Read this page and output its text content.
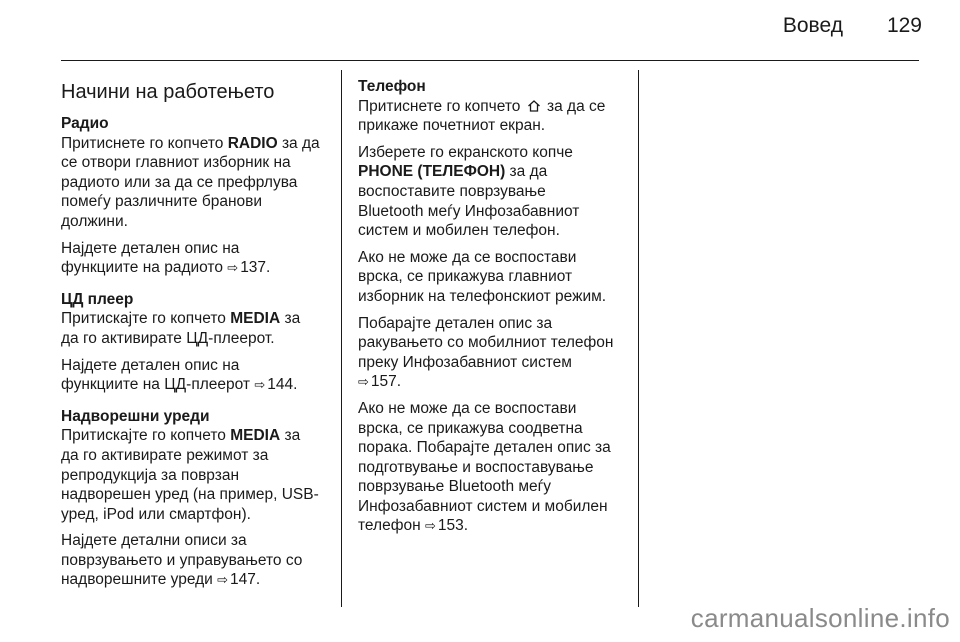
Вовед 129
Начини на работењето
Радио

Притиснете го копчето RADIO за да
се отвори главниот изборник на
радиото или за да се префрлува
помеѓу различните бранови
должини.

Најдете детален опис на
функциите на радиото ⇨ 137.

ЦД плеер

Притискајте го копчето MEDIA за
да го активирате ЦД-плеерот.

Најдете детален опис на
функциите на ЦД-плеерот ⇨ 144.

Надворешни уреди

Притискајте го копчето MEDIA за
да го активирате режимот за
репродукција за поврзан
надворешен уред (на пример, USB-
уред, iPod или смартфон).

Најдете детални описи за
поврзувањето и управувањето со
надворешните уреди ⇨ 147.

Телефон

Притиснете го копчето  за да се
прикаже почетниот екран.

Изберете го екранското копче
PHONE (ТЕЛЕФОН) за да
воспоставите поврзување
Bluetooth меѓу Инфозабавниот
систем и мобилен телефон.

Ако не може да се воспостави
врска, се прикажува главниот
изборник на телефонскиот режим.

Побарајте детален опис за
ракувањето со мобилниот телефон
преку Инфозабавниот систем
⇨ 157.

Ако не може да се воспостави
врска, се прикажува соодветна
порака. Побарајте детален опис за
подготвување и воспоставување
поврзување Bluetooth меѓу
Инфозабавниот систем и мобилен
телефон ⇨ 153.

carmanualsonline.info
